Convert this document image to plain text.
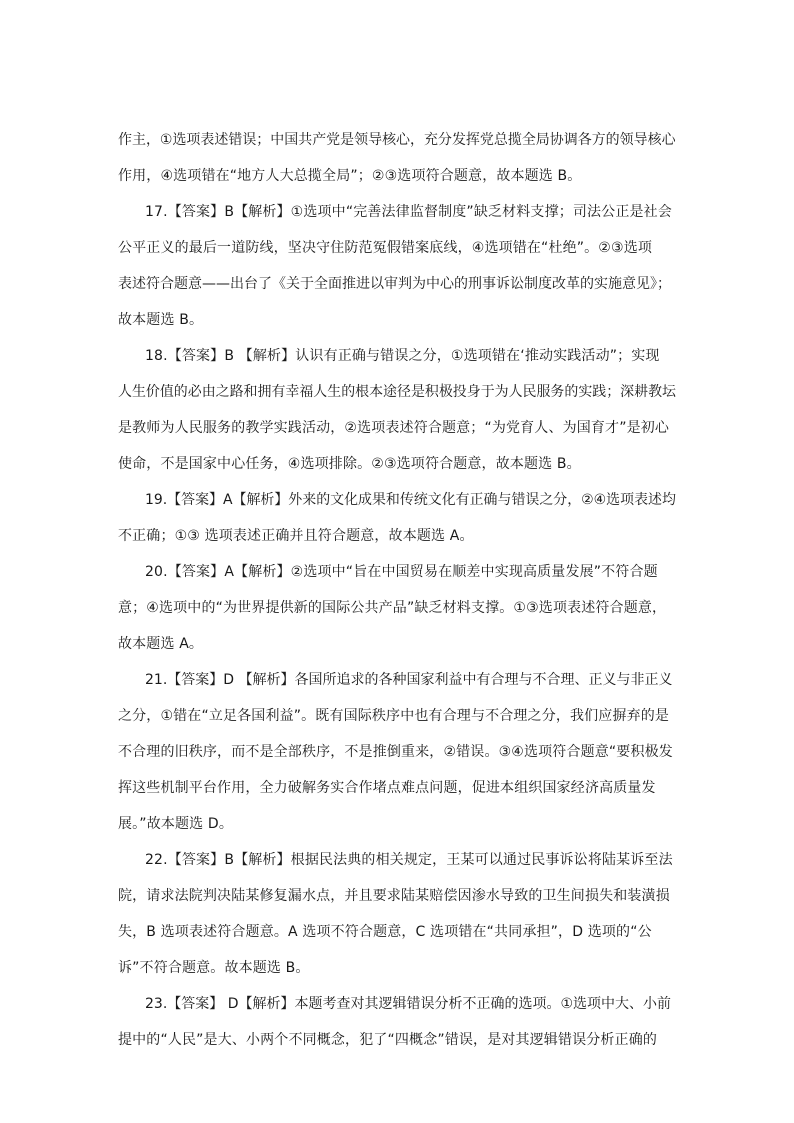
作主，①选项表述错误；中国共产党是领导核心，充分发挥党总揽全局协调各方的领导核心
作用，④选项错在“地方人大总揽全局”；②③选项符合题意，故本题选 B。
17.【答案】B【解析】①选项中“完善法律监督制度”缺乏材料支撑；司法公正是社会
公平正义的最后一道防线，坚决守住防范冤假错案底线，④选项错在“杜绝”。②③选项
表述符合题意——出台了《关于全面推进以审判为中心的刑事诉讼制度改革的实施意见》；
故本题选 B。
18.【答案】B 【解析】认识有正确与错误之分，①选项错在‘推动实践活动”；实现
人生价值的必由之路和拥有幸福人生的根本途径是积极投身于为人民服务的实践；深耕教坛
是教师为人民服务的教学实践活动，②选项表述符合题意；“为党育人、为国育才”是初心
使命，不是国家中心任务，④选项排除。②③选项符合题意，故本题选 B。
19.【答案】A【解析】外来的文化成果和传统文化有正确与错误之分，②④选项表述均
不正确；①③ 选项表述正确并且符合题意，故本题选 A。
20.【答案】A【解析】②选项中“旨在中国贸易在顺差中实现高质量发展”不符合题
意；④选项中的“为世界提供新的国际公共产品”缺乏材料支撑。①③选项表述符合题意，
故本题选 A。
21.【答案】D 【解析】各国所追求的各种国家利益中有合理与不合理、正义与非正义
之分，①错在“立足各国利益”。既有国际秩序中也有合理与不合理之分，我们应摒弃的是
不合理的旧秩序，而不是全部秩序，不是推倒重来，②错误。③④选项符合题意“要积极发
挥这些机制平台作用，全力破解务实合作堵点难点问题，促进本组织国家经济高质量发
展。”故本题选 D。
22.【答案】B【解析】根据民法典的相关规定，王某可以通过民事诉讼将陆某诉至法
院，请求法院判决陆某修复漏水点，并且要求陆某赔偿因渗水导致的卫生间损失和装潢损
失，B 选项表述符合题意。A 选项不符合题意，C 选项错在“共同承担”，D 选项的“公
诉”不符合题意。故本题选 B。
23.【答案】 D【解析】本题考查对其逻辑错误分析不正确的选项。①选项中大、小前
提中的“人民”是大、小两个不同概念，犯了“四概念”错误，是对其逻辑错误分析正确的
